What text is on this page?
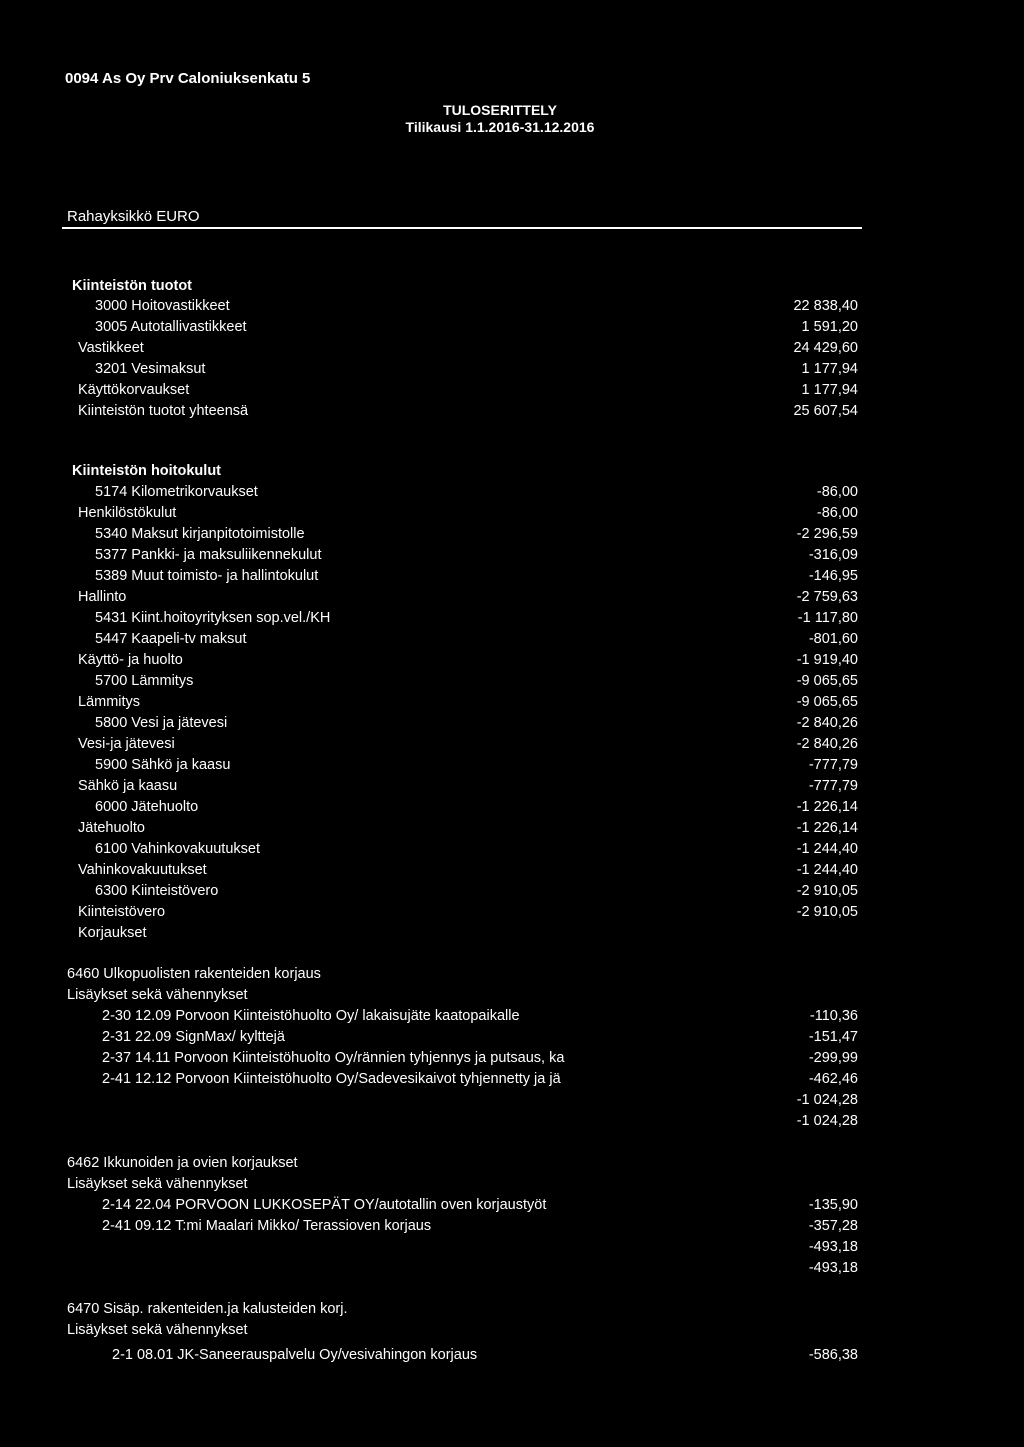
0094 As Oy Prv Caloniuksenkatu 5
TULOSERITTELY
Tilikausi 1.1.2016-31.12.2016
Rahayksikkö EURO
Kiinteistön tuotot
3000 Hoitovastikkeet	22 838,40
3005 Autotallivastikkeet	1 591,20
Vastikkeet	24 429,60
3201 Vesimaksut	1 177,94
Käyttökorvaukset	1 177,94
Kiinteistön tuotot yhteensä	25 607,54
Kiinteistön hoitokulut
5174 Kilometrikorvaukset	-86,00
Henkilöstökulut	-86,00
5340 Maksut kirjanpitotoimistolle	-2 296,59
5377 Pankki- ja maksuliikennekulut	-316,09
5389 Muut toimisto- ja hallintokulut	-146,95
Hallinto	-2 759,63
5431 Kiint.hoitoyrityksen sop.vel./KH	-1 117,80
5447 Kaapeli-tv maksut	-801,60
Käyttö- ja huolto	-1 919,40
5700 Lämmitys	-9 065,65
Lämmitys	-9 065,65
5800 Vesi ja jätevesi	-2 840,26
Vesi-ja jätevesi	-2 840,26
5900 Sähkö ja kaasu	-777,79
Sähkö ja kaasu	-777,79
6000 Jätehuolto	-1 226,14
Jätehuolto	-1 226,14
6100 Vahinkovakuutukset	-1 244,40
Vahinkovakuutukset	-1 244,40
6300 Kiinteistövero	-2 910,05
Kiinteistövero	-2 910,05
Korjaukset
6460 Ulkopuolisten rakenteiden korjaus
Lisäykset sekä vähennykset
2-30 12.09 Porvoon Kiinteistöhuolto Oy/ lakaisujäte kaatopaikalle	-110,36
2-31 22.09 SignMax/ kylttejä	-151,47
2-37 14.11 Porvoon Kiinteistöhuolto Oy/rännien tyhjennys ja putsaus, ka	-299,99
2-41 12.12 Porvoon Kiinteistöhuolto Oy/Sadevesikaivot tyhjennetty ja jä	-462,46
-1 024,28
-1 024,28
6462 Ikkunoiden ja ovien korjaukset
Lisäykset sekä vähennykset
2-14 22.04 PORVOON LUKKOSEPÄT OY/autotallin oven korjaustyöt	-135,90
2-41 09.12 T:mi Maalari Mikko/ Terassioven korjaus	-357,28
-493,18
-493,18
6470 Sisäp. rakenteiden.ja kalusteiden korj.
Lisäykset sekä vähennykset
2-1 08.01 JK-Saneerauspalvelu Oy/vesivahingon korjaus	-586,38
